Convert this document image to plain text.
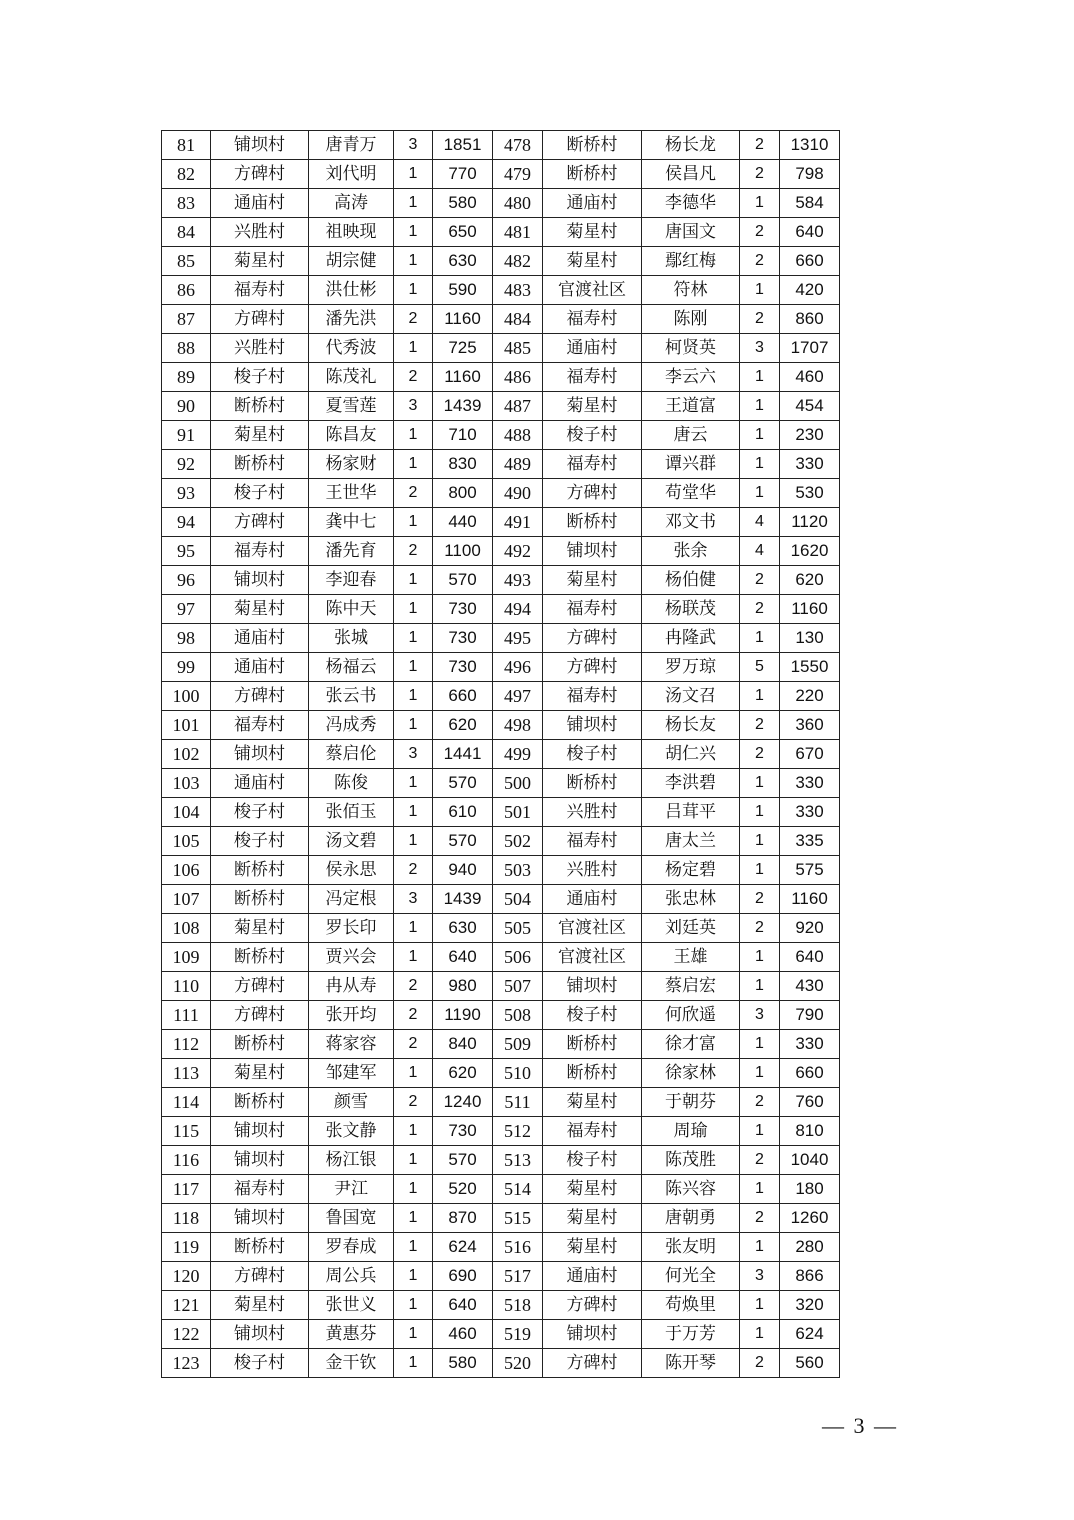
81	铺坝村	唐青万	3	1851	478	断桥村	杨长龙	2	1310
82	方碑村	刘代明	1	770	479	断桥村	侯昌凡	2	798
83	通庙村	高涛	1	580	480	通庙村	李德华	1	584
84	兴胜村	祖映现	1	650	481	菊星村	唐国文	2	640
85	菊星村	胡宗健	1	630	482	菊星村	鄢红梅	2	660
86	福寿村	洪仕彬	1	590	483	官渡社区	符林	1	420
87	方碑村	潘先洪	2	1160	484	福寿村	陈刚	2	860
88	兴胜村	代秀波	1	725	485	通庙村	柯贤英	3	1707
89	梭子村	陈茂礼	2	1160	486	福寿村	李云六	1	460
90	断桥村	夏雪莲	3	1439	487	菊星村	王道富	1	454
91	菊星村	陈昌友	1	710	488	梭子村	唐云	1	230
92	断桥村	杨家财	1	830	489	福寿村	谭兴群	1	330
93	梭子村	王世华	2	800	490	方碑村	苟堂华	1	530
94	方碑村	龚中七	1	440	491	断桥村	邓文书	4	1120
95	福寿村	潘先育	2	1100	492	铺坝村	张余	4	1620
96	铺坝村	李迎春	1	570	493	菊星村	杨伯健	2	620
97	菊星村	陈中天	1	730	494	福寿村	杨联茂	2	1160
98	通庙村	张城	1	730	495	方碑村	冉隆武	1	130
99	通庙村	杨福云	1	730	496	方碑村	罗万琼	5	1550
100	方碑村	张云书	1	660	497	福寿村	汤文召	1	220
101	福寿村	冯成秀	1	620	498	铺坝村	杨长友	2	360
102	铺坝村	蔡启伦	3	1441	499	梭子村	胡仁兴	2	670
103	通庙村	陈俊	1	570	500	断桥村	李洪碧	1	330
104	梭子村	张佰玉	1	610	501	兴胜村	吕茸平	1	330
105	梭子村	汤文碧	1	570	502	福寿村	唐太兰	1	335
106	断桥村	侯永思	2	940	503	兴胜村	杨定碧	1	575
107	断桥村	冯定根	3	1439	504	通庙村	张忠林	2	1160
108	菊星村	罗长印	1	630	505	官渡社区	刘廷英	2	920
109	断桥村	贾兴会	1	640	506	官渡社区	王雄	1	640
110	方碑村	冉从寿	2	980	507	铺坝村	蔡启宏	1	430
111	方碑村	张开均	2	1190	508	梭子村	何欣遥	3	790
112	断桥村	蒋家容	2	840	509	断桥村	徐才富	1	330
113	菊星村	邹建军	1	620	510	断桥村	徐家林	1	660
114	断桥村	颜雪	2	1240	511	菊星村	于朝芬	2	760
115	铺坝村	张文静	1	730	512	福寿村	周瑜	1	810
116	铺坝村	杨江银	1	570	513	梭子村	陈茂胜	2	1040
117	福寿村	尹江	1	520	514	菊星村	陈兴容	1	180
118	铺坝村	鲁国宽	1	870	515	菊星村	唐朝勇	2	1260
119	断桥村	罗春成	1	624	516	菊星村	张友明	1	280
120	方碑村	周公兵	1	690	517	通庙村	何光全	3	866
121	菊星村	张世义	1	640	518	方碑村	苟焕里	1	320
122	铺坝村	黄惠芬	1	460	519	铺坝村	于万芳	1	624
123	梭子村	金干钦	1	580	520	方碑村	陈开琴	2	560
— 3 —
